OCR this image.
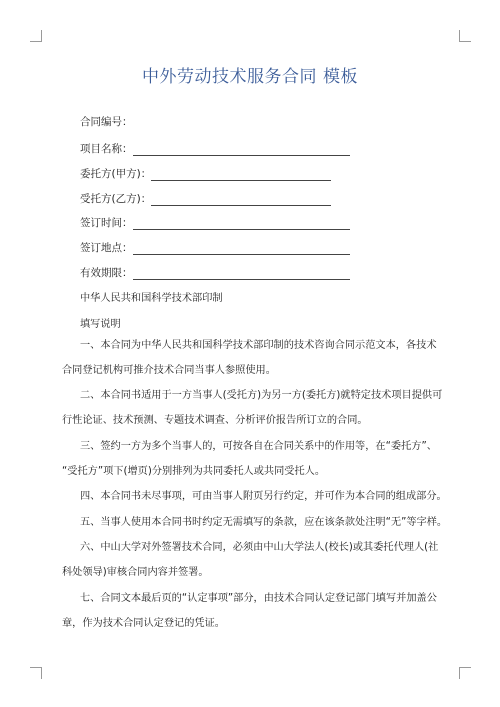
中外劳动技术服务合同 模板
合同编号：
项目名称：
委托方(甲方)：
受托方(乙方)：
签订时间：
签订地点：
有效期限：
中华人民共和国科学技术部印制
填写说明
一、本合同为中华人民共和国科学技术部印制的技术咨询合同示范文本，各技术
合同登记机构可推介技术合同当事人参照使用。
二、本合同书适用于一方当事人(受托方)为另一方(委托方)就特定技术项目提供可
行性论证、技术预测、专题技术调查、分析评价报告所订立的合同。
三、签约一方为多个当事人的，可按各自在合同关系中的作用等，在“委托方”、
“受托方”项下(增页)分别排列为共同委托人或共同受托人。
四、本合同书未尽事项，可由当事人附页另行约定，并可作为本合同的组成部分。
五、当事人使用本合同书时约定无需填写的条款，应在该条款处注明“无”等字样。
六、中山大学对外签署技术合同，必须由中山大学法人(校长)或其委托代理人(社
科处领导)审核合同内容并签署。
七、合同文本最后页的“认定事项”部分，由技术合同认定登记部门填写并加盖公
章，作为技术合同认定登记的凭证。
